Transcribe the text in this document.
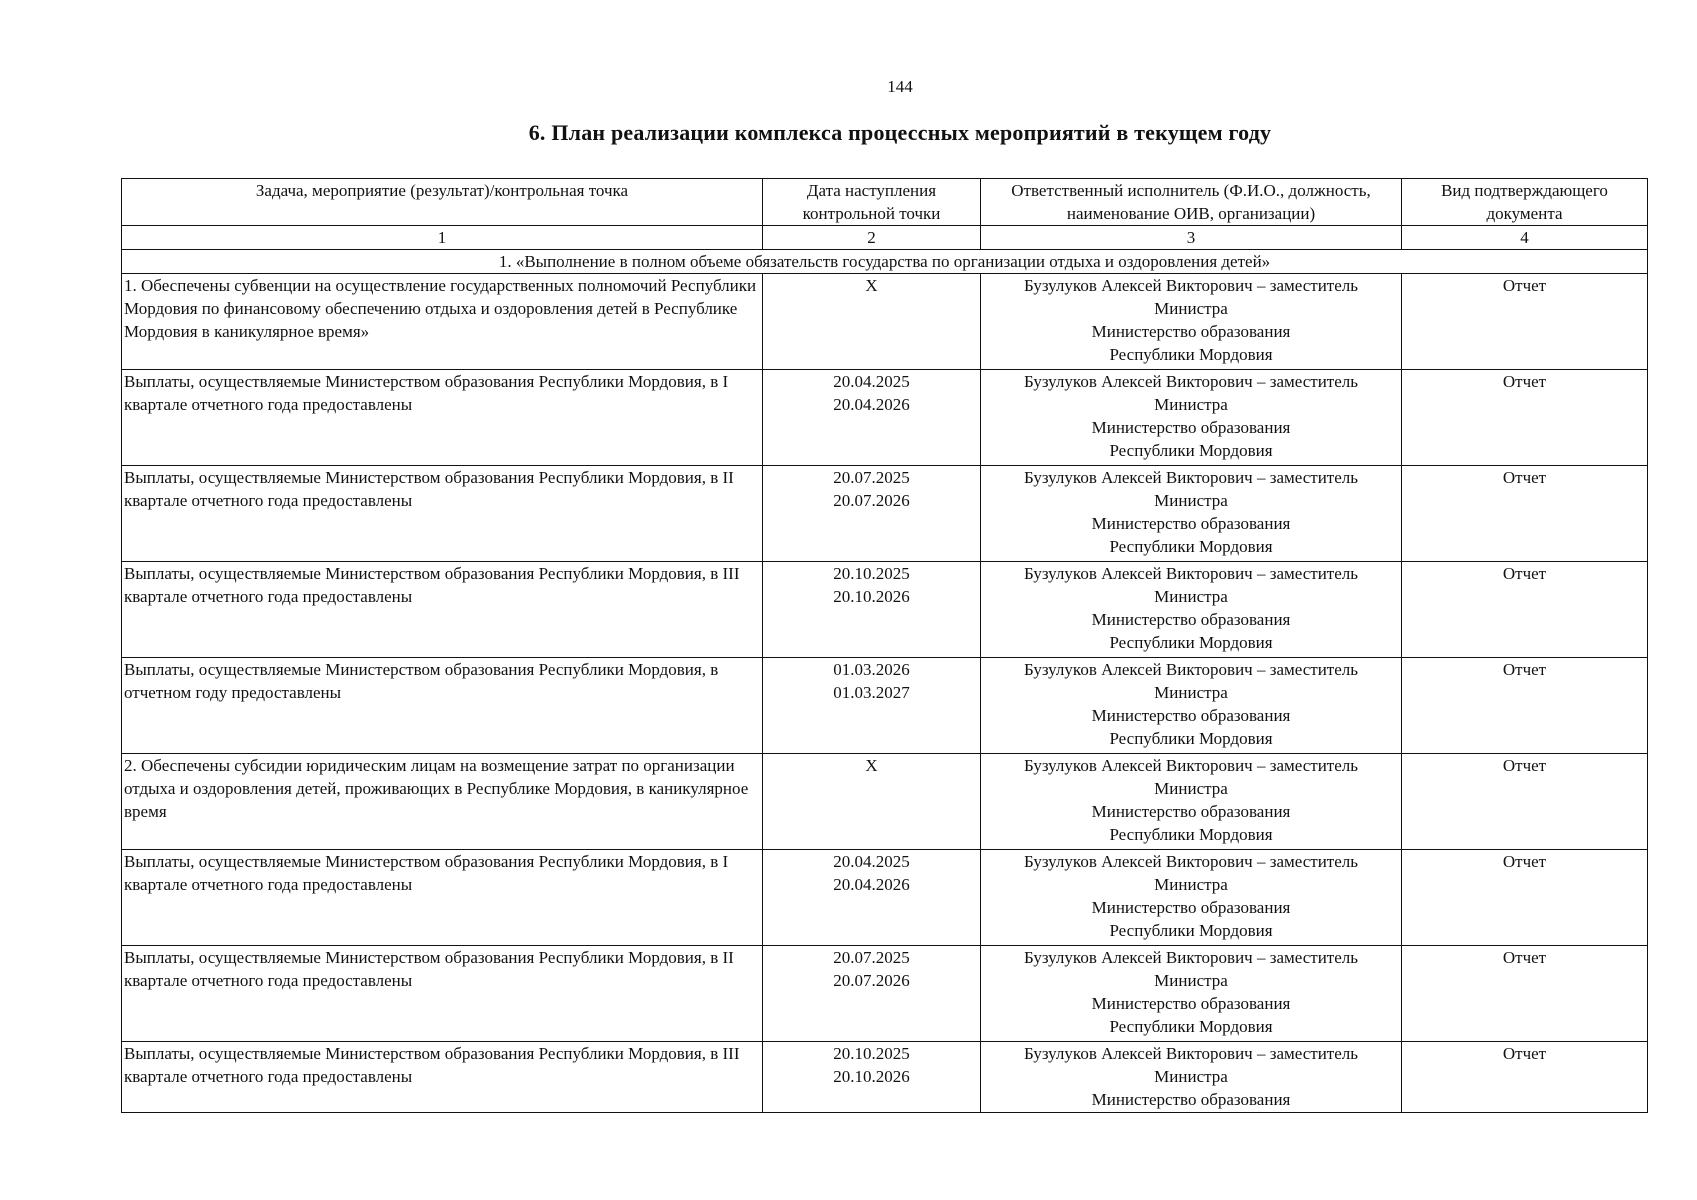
144
6. План реализации комплекса процессных мероприятий в текущем году
Задача, мероприятие (результат)/контрольная точка	Дата наступления контрольной точки	Ответственный исполнитель (Ф.И.О., должность, наименование ОИВ, организации)	Вид подтверждающего документа
1	2	3	4
1. «Выполнение в полном объеме обязательств государства по организации отдыха и оздоровления детей»			
1. Обеспечены субвенции на осуществление государственных полномочий Республики Мордовия по финансовому обеспечению отдыха и оздоровления детей в Республике Мордовия в каникулярное время»	X	Бузулуков Алексей Викторович – заместитель
Министра
Министерство образования
Республики Мордовия	Отчет
Выплаты, осуществляемые Министерством образования Республики Мордовия, в I квартале отчетного года предоставлены	20.04.2025
20.04.2026	Бузулуков Алексей Викторович – заместитель
Министра
Министерство образования
Республики Мордовия	Отчет
Выплаты, осуществляемые Министерством образования Республики Мордовия, в II квартале отчетного года предоставлены	20.07.2025
20.07.2026	Бузулуков Алексей Викторович – заместитель
Министра
Министерство образования
Республики Мордовия	Отчет
Выплаты, осуществляемые Министерством образования Республики Мордовия, в III квартале отчетного года предоставлены	20.10.2025
20.10.2026	Бузулуков Алексей Викторович – заместитель
Министра
Министерство образования
Республики Мордовия	Отчет
Выплаты, осуществляемые Министерством образования Республики Мордовия, в отчетном году предоставлены	01.03.2026
01.03.2027	Бузулуков Алексей Викторович – заместитель
Министра
Министерство образования
Республики Мордовия	Отчет
2. Обеспечены субсидии юридическим лицам на возмещение затрат по организации отдыха и оздоровления детей, проживающих в Республике Мордовия, в каникулярное время	X	Бузулуков Алексей Викторович – заместитель
Министра
Министерство образования
Республики Мордовия	Отчет
Выплаты, осуществляемые Министерством образования Республики Мордовия, в I квартале отчетного года предоставлены	20.04.2025
20.04.2026	Бузулуков Алексей Викторович – заместитель
Министра
Министерство образования
Республики Мордовия	Отчет
Выплаты, осуществляемые Министерством образования Республики Мордовия, в II квартале отчетного года предоставлены	20.07.2025
20.07.2026	Бузулуков Алексей Викторович – заместитель
Министра
Министерство образования
Республики Мордовия	Отчет
Выплаты, осуществляемые Министерством образования Республики Мордовия, в III квартале отчетного года предоставлены	20.10.2025
20.10.2026	Бузулуков Алексей Викторович – заместитель
Министра
Министерство образования	Отчет
